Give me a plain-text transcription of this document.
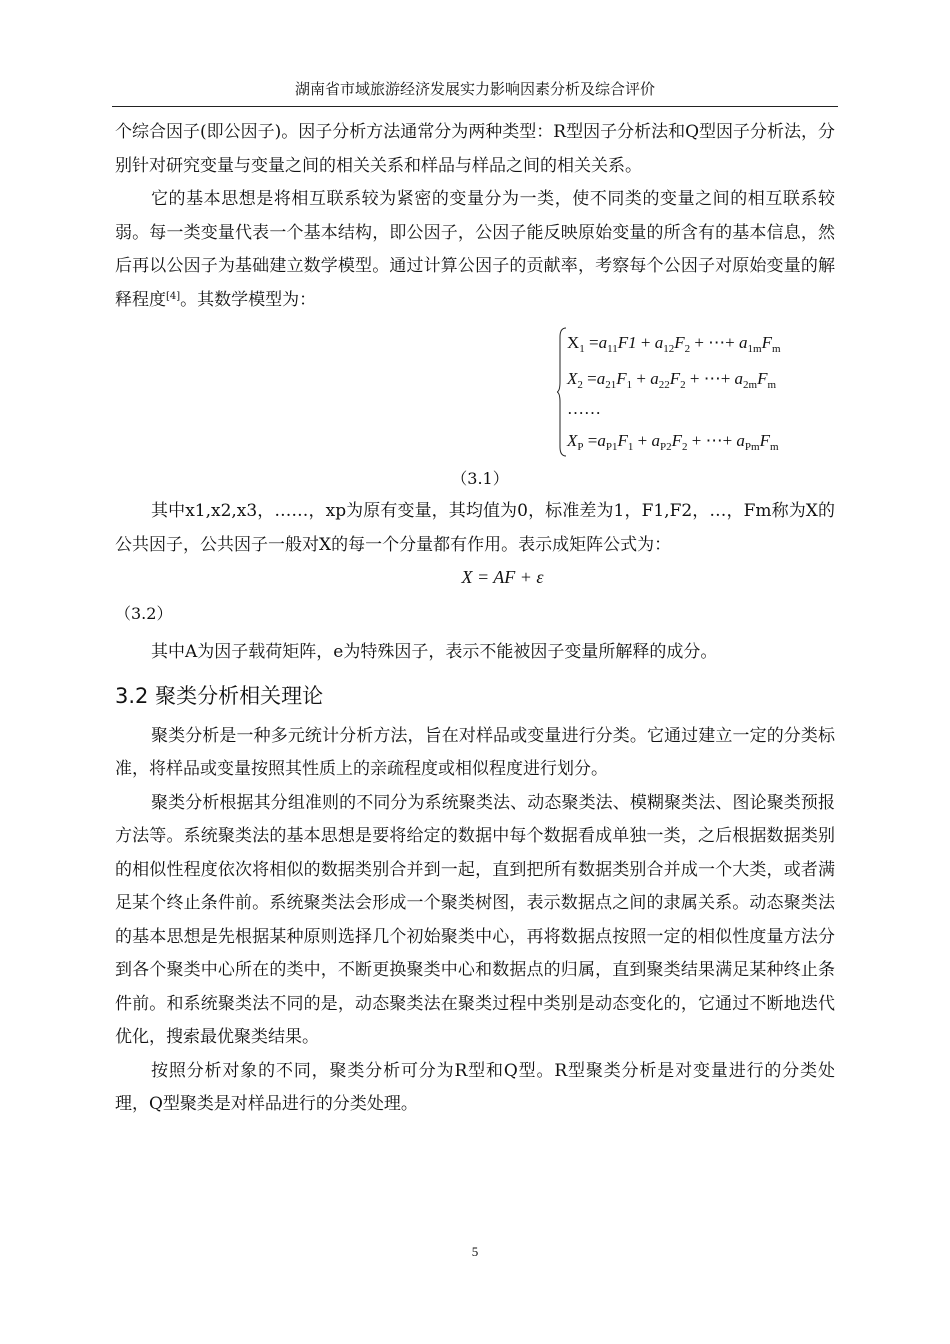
湖南省市域旅游经济发展实力影响因素分析及综合评价

个综合因子(即公因子)。因子分析方法通常分为两种类型：R型因子分析法和Q型因子分析法，分别针对研究变量与变量之间的相关关系和样品与样品之间的相关关系。

它的基本思想是将相互联系较为紧密的变量分为一类，使不同类的变量之间的相互联系较弱。每一类变量代表一个基本结构，即公因子，公因子能反映原始变量的所含有的基本信息，然后再以公因子为基础建立数学模型。通过计算公因子的贡献率，考察每个公因子对原始变量的解释程度[4]。其数学模型为：

$X_1 =a_{11}F1 + a_{12}F_2$ + ⋯+ $a_{1m}F_m$
$X_2 =a_{21}F_1 + a_{22}F_2$ + ⋯+ $a_{2m}F_m$
……
$X_P =a_{P1}F_1 + a_{P2}F_2$ + ⋯+ $a_{Pm}F_m$
（3.1）

其中x1,x2,x3，……，xp为原有变量，其均值为0，标准差为1，F1,F2，…，Fm称为X的公共因子，公共因子一般对X的每一个分量都有作用。表示成矩阵公式为：

X = AF + ε
（3.2）

其中A为因子载荷矩阵，e为特殊因子，表示不能被因子变量所解释的成分。

3.2 聚类分析相关理论

聚类分析是一种多元统计分析方法，旨在对样品或变量进行分类。它通过建立一定的分类标准，将样品或变量按照其性质上的亲疏程度或相似程度进行划分。

聚类分析根据其分组准则的不同分为系统聚类法、动态聚类法、模糊聚类法、图论聚类预报方法等。系统聚类法的基本思想是要将给定的数据中每个数据看成单独一类，之后根据数据类别的相似性程度依次将相似的数据类别合并到一起，直到把所有数据类别合并成一个大类，或者满足某个终止条件前。系统聚类法会形成一个聚类树图，表示数据点之间的隶属关系。动态聚类法的基本思想是先根据某种原则选择几个初始聚类中心，再将数据点按照一定的相似性度量方法分到各个聚类中心所在的类中，不断更换聚类中心和数据点的归属，直到聚类结果满足某种终止条件前。和系统聚类法不同的是，动态聚类法在聚类过程中类别是动态变化的，它通过不断地迭代优化，搜索最优聚类结果。

按照分析对象的不同，聚类分析可分为R型和Q型。R型聚类分析是对变量进行的分类处理，Q型聚类是对样品进行的分类处理。

5
